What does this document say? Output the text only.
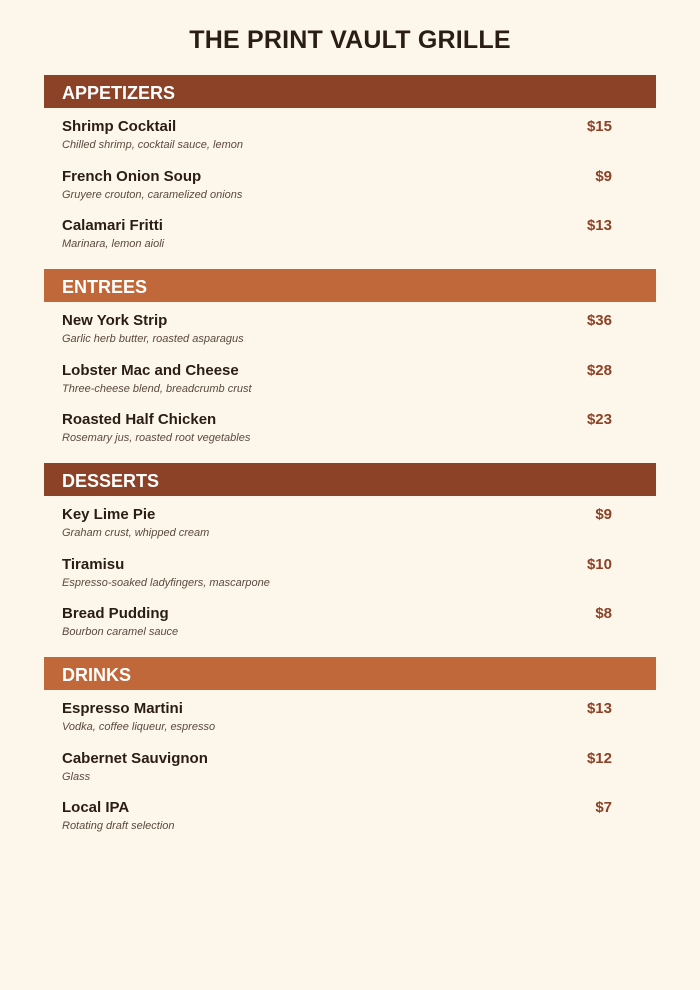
THE PRINT VAULT GRILLE
APPETIZERS
Shrimp Cocktail	$15
Chilled shrimp, cocktail sauce, lemon
French Onion Soup	$9
Gruyere crouton, caramelized onions
Calamari Fritti	$13
Marinara, lemon aioli
ENTREES
New York Strip	$36
Garlic herb butter, roasted asparagus
Lobster Mac and Cheese	$28
Three-cheese blend, breadcrumb crust
Roasted Half Chicken	$23
Rosemary jus, roasted root vegetables
DESSERTS
Key Lime Pie	$9
Graham crust, whipped cream
Tiramisu	$10
Espresso-soaked ladyfingers, mascarpone
Bread Pudding	$8
Bourbon caramel sauce
DRINKS
Espresso Martini	$13
Vodka, coffee liqueur, espresso
Cabernet Sauvignon	$12
Glass
Local IPA	$7
Rotating draft selection
